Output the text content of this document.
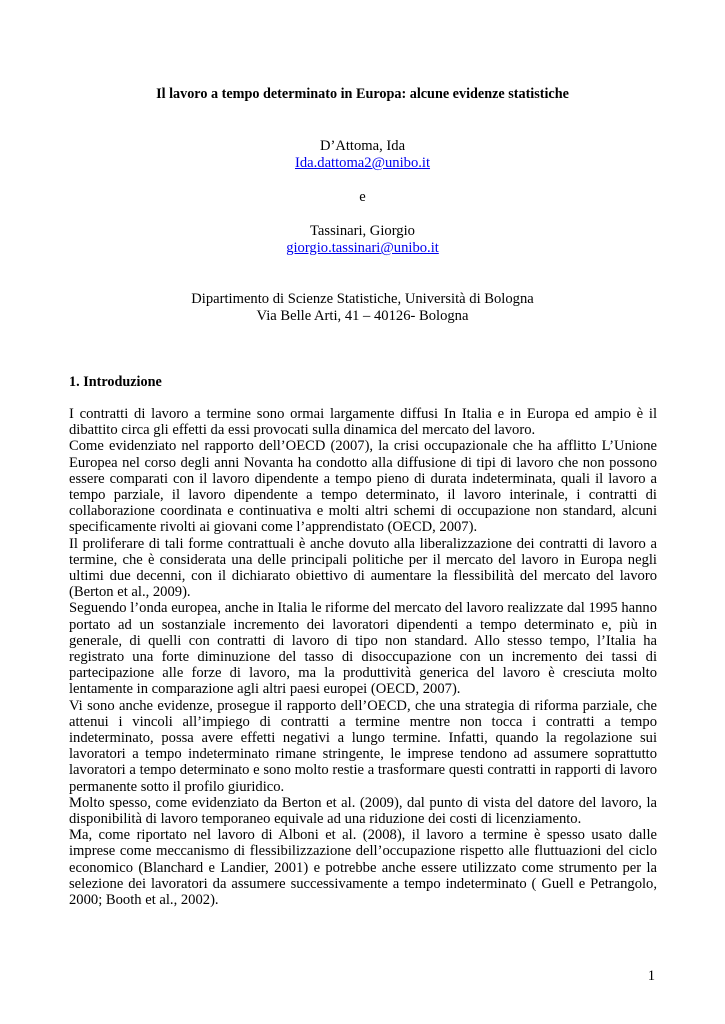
Il lavoro a tempo determinato in Europa: alcune evidenze statistiche
D’Attoma, Ida
Ida.dattoma2@unibo.it
e
Tassinari, Giorgio
giorgio.tassinari@unibo.it
Dipartimento di Scienze Statistiche, Università di Bologna
Via Belle Arti, 41 – 40126- Bologna
1. Introduzione

I contratti di lavoro a termine sono ormai largamente diffusi In Italia e in Europa ed ampio è il dibattito circa gli effetti da essi provocati sulla dinamica del mercato del lavoro.

Come evidenziato nel rapporto dell’OECD (2007), la crisi occupazionale che ha afflitto L’Unione Europea nel corso degli anni Novanta ha condotto alla diffusione di tipi di lavoro che non possono essere comparati con il lavoro dipendente a tempo pieno di durata indeterminata, quali il lavoro a tempo parziale, il lavoro dipendente a tempo determinato, il lavoro interinale, i contratti di collaborazione coordinata e continuativa e molti altri schemi di occupazione non standard, alcuni specificamente rivolti ai giovani come l’apprendistato (OECD, 2007).

Il proliferare di tali forme contrattuali è anche dovuto alla liberalizzazione dei contratti di lavoro a termine, che è considerata una delle principali politiche per il mercato del lavoro in Europa negli ultimi due decenni, con il dichiarato obiettivo di aumentare la flessibilità del mercato del lavoro (Berton et al., 2009).

Seguendo l’onda europea, anche in Italia le riforme del mercato del lavoro realizzate dal 1995 hanno portato ad un sostanziale incremento dei lavoratori dipendenti a tempo determinato e, più in generale, di quelli con contratti di lavoro di tipo non standard. Allo stesso tempo, l’Italia ha registrato una forte diminuzione del tasso di disoccupazione con un incremento dei tassi di partecipazione alle forze di lavoro, ma la produttività generica del lavoro è cresciuta molto lentamente in comparazione agli altri paesi europei (OECD, 2007).

Vi sono anche evidenze, prosegue il rapporto dell’OECD, che una strategia di riforma parziale, che attenui i vincoli all’impiego di contratti a termine mentre non tocca i contratti a tempo indeterminato, possa avere effetti negativi a lungo termine. Infatti, quando la regolazione sui lavoratori a tempo indeterminato rimane stringente, le imprese tendono ad assumere soprattutto lavoratori a tempo determinato e sono molto restie a trasformare questi contratti in rapporti di lavoro permanente sotto il profilo giuridico.

Molto spesso, come evidenziato da Berton et al. (2009), dal punto di vista del datore del lavoro, la disponibilità di lavoro temporaneo equivale ad una riduzione dei costi di licenziamento.

Ma, come riportato nel lavoro di Alboni et al. (2008), il lavoro a termine è spesso usato dalle imprese come meccanismo di flessibilizzazione dell’occupazione rispetto alle fluttuazioni del ciclo economico (Blanchard e Landier, 2001) e potrebbe anche essere utilizzato come strumento per la selezione dei lavoratori da assumere successivamente a tempo indeterminato ( Guell e Petrangolo, 2000; Booth et al., 2002).

1
